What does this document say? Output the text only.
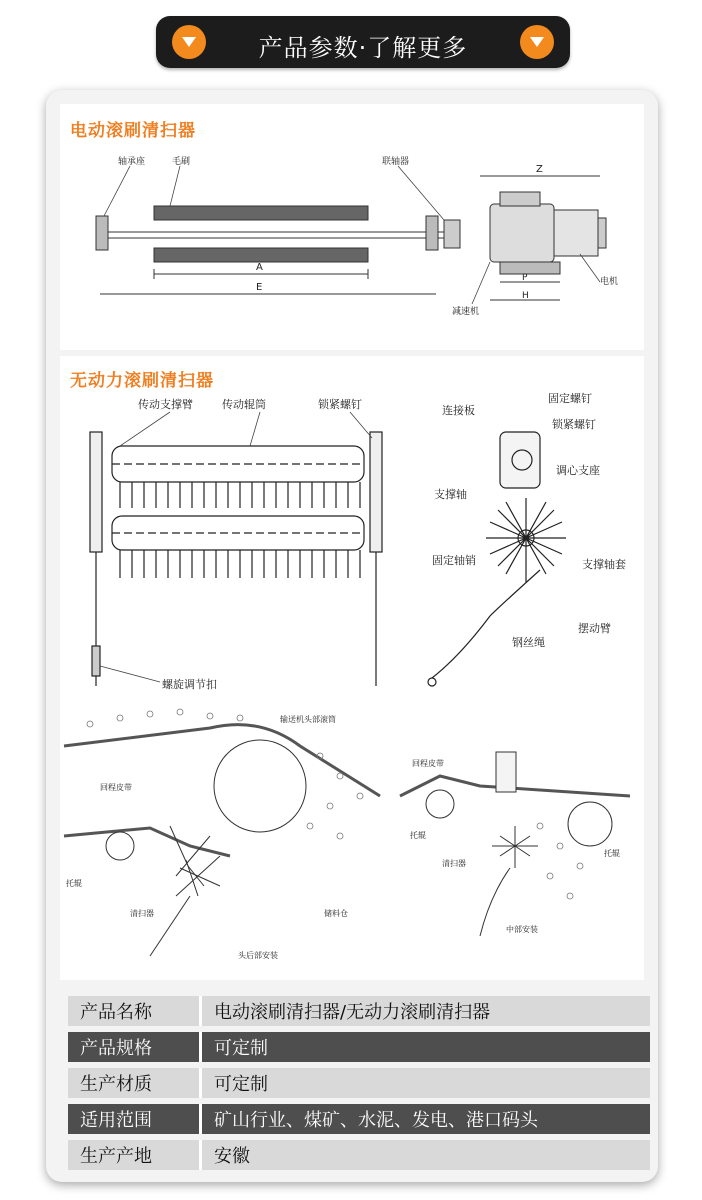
产品参数·了解更多
电动滚刷清扫器
轴承座	毛刷	联轴器
A
E
Z
P
H
电机
减速机
无动力滚刷清扫器
传动支撑臂	传动辊筒	锁紧螺钉
螺旋调节扣
连接板
固定螺钉
锁紧螺钉
调心支座
支撑轴
固定轴销	支撑轴套
摆动臂
钢丝绳
输送机头部滚筒
回程皮带
托辊
清扫器	储料仓
头后部安装
回程皮带
托辊
清扫器
托辊
中部安装
产品名称	电动滚刷清扫器/无动力滚刷清扫器
产品规格	可定制
生产材质	可定制
适用范围	矿山行业、煤矿、水泥、发电、港口码头
生产产地	安徽
